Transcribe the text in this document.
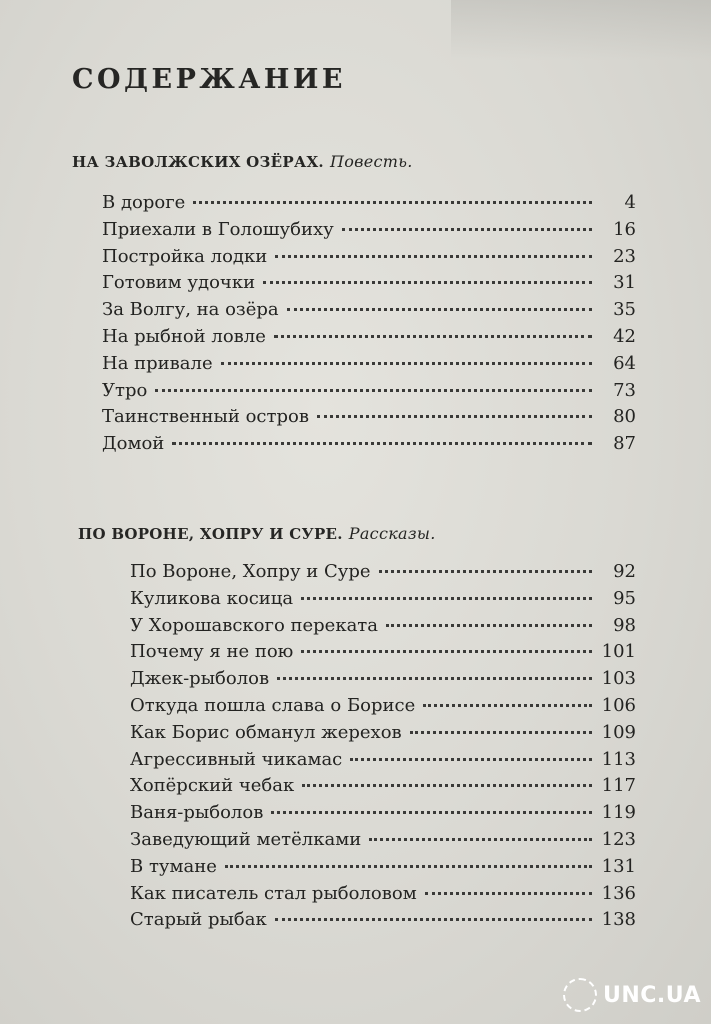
СОДЕРЖАНИЕ
НА ЗАВОЛЖСКИХ ОЗЁРАХ. Повесть.
В дороге	4
Приехали в Голошубиху	16
Постройка лодки	23
Готовим удочки	31
За Волгу, на озёра	35
На рыбной ловле	42
На привале	64
Утро	73
Таинственный остров	80
Домой	87
ПО ВОРОНЕ, ХОПРУ И СУРЕ. Рассказы.
По Вороне, Хопру и Суре	92
Куликова косица	95
У Хорошавского переката	98
Почему я не пою	101
Джек-рыболов	103
Откуда пошла слава о Борисе	106
Как Борис обманул жерехов	109
Агрессивный чикамас	113
Хопёрский чебак	117
Ваня-рыболов	119
Заведующий метёлками	123
В тумане	131
Как писатель стал рыболовом	136
Старый рыбак	138
UNC.UA
